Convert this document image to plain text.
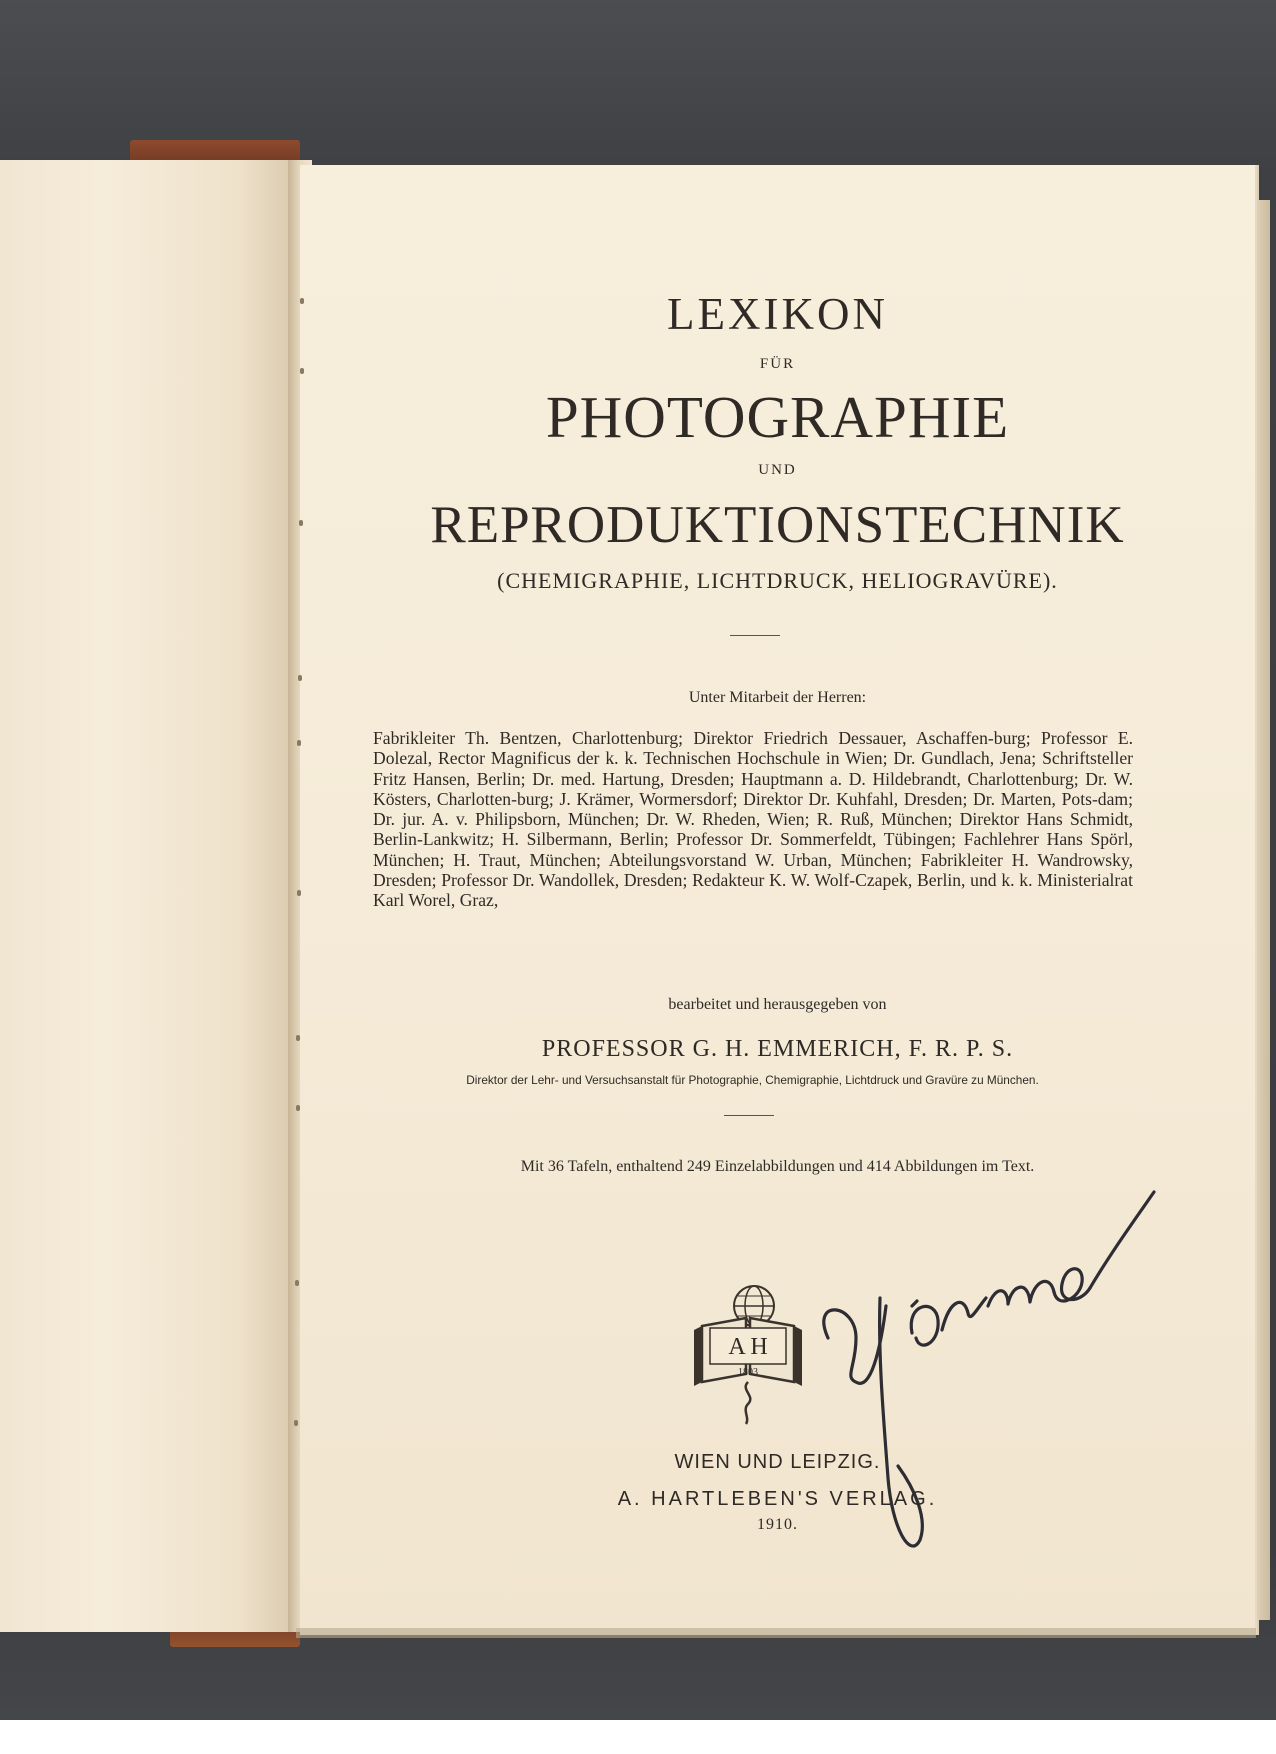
LEXIKON
FÜR
PHOTOGRAPHIE
UND
REPRODUKTIONSTECHNIK
(CHEMIGRAPHIE, LICHTDRUCK, HELIOGRAVÜRE).
Unter Mitarbeit der Herren:
Fabrikleiter Th. Bentzen, Charlottenburg; Direktor Friedrich Dessauer, Aschaffen-burg; Professor E. Dolezal, Rector Magnificus der k. k. Technischen Hochschule in Wien; Dr. Gundlach, Jena; Schriftsteller Fritz Hansen, Berlin; Dr. med. Hartung, Dresden; Hauptmann a. D. Hildebrandt, Charlottenburg; Dr. W. Kösters, Charlotten-burg; J. Krämer, Wormersdorf; Direktor Dr. Kuhfahl, Dresden; Dr. Marten, Pots-dam; Dr. jur. A. v. Philipsborn, München; Dr. W. Rheden, Wien; R. Ruß, München; Direktor Hans Schmidt, Berlin-Lankwitz; H. Silbermann, Berlin; Professor Dr. Sommerfeldt, Tübingen; Fachlehrer Hans Spörl, München; H. Traut, München; Abteilungsvorstand W. Urban, München; Fabrikleiter H. Wandrowsky, Dresden; Professor Dr. Wandollek, Dresden; Redakteur K. W. Wolf-Czapek, Berlin, und k. k. Ministerialrat Karl Worel, Graz,
bearbeitet und herausgegeben von
PROFESSOR G. H. EMMERICH, F. R. P. S.
Direktor der Lehr- und Versuchsanstalt für Photographie, Chemigraphie, Lichtdruck und Gravüre zu München.
Mit 36 Tafeln, enthaltend 249 Einzelabbildungen und 414 Abbildungen im Text.
A H
1803
WIEN UND LEIPZIG.
A. HARTLEBEN'S VERLAG.
1910.
